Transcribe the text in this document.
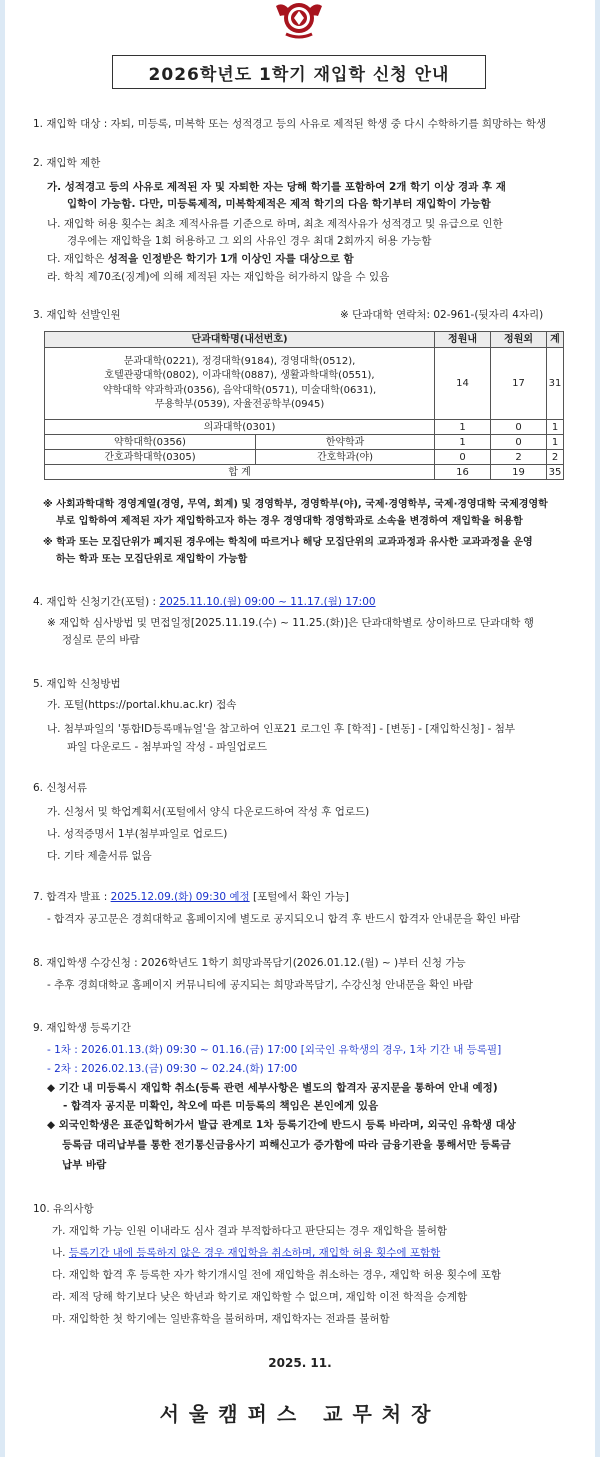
2026학년도 1학기 재입학 신청 안내
1. 재입학 대상 : 자퇴, 미등록, 미복학 또는 성적경고 등의 사유로 제적된 학생 중 다시 수학하기를 희망하는 학생
2. 재입학 제한
가. 성적경고 등의 사유로 제적된 자 및 자퇴한 자는 당해 학기를 포함하여 2개 학기 이상 경과 후 재
입학이 가능함. 다만, 미등록제적, 미복학제적은 제적 학기의 다음 학기부터 재입학이 가능함
나. 재입학 허용 횟수는 최초 제적사유를 기준으로 하며, 최초 제적사유가 성적경고 및 유급으로 인한
경우에는 재입학을 1회 허용하고 그 외의 사유인 경우 최대 2회까지 허용 가능함
다. 재입학은 성적을 인정받은 학기가 1개 이상인 자를 대상으로 함
라. 학칙 제70조(징계)에 의해 제적된 자는 재입학을 허가하지 않을 수 있음
3. 재입학 선발인원	※ 단과대학 연락처: 02-961-(뒷자리 4자리)
단과대학명(내선번호)		정원내	정원외	계

문과대학(0221), 정경대학(9184), 경영대학(0512),
호텔관광대학(0802), 이과대학(0887), 생활과학대학(0551),
약학대학 약과학과(0356), 음악대학(0571), 미술대학(0631),
무용학부(0539), 자율전공학부(0945)		14	17	31
의과대학(0301)		1	0	1
약학대학(0356)	한약학과	1	0	1
간호과학대학(0305)	간호학과(야)	0	2	2
합 계		16	19	35
※ 사회과학대학 경영계열(경영, 무역, 회계) 및 경영학부, 경영학부(야), 국제·경영학부, 국제·경영대학 국제경영학
부로 입학하여 제적된 자가 재입학하고자 하는 경우 경영대학 경영학과로 소속을 변경하여 재입학을 허용함
※ 학과 또는 모집단위가 폐지된 경우에는 학칙에 따르거나 해당 모집단위의 교과과정과 유사한 교과과정을 운영
하는 학과 또는 모집단위로 재입학이 가능함
4. 재입학 신청기간(포털) : 2025.11.10.(월) 09:00 ~ 11.17.(월) 17:00
※ 재입학 심사방법 및 면접일정[2025.11.19.(수) ~ 11.25.(화)]은 단과대학별로 상이하므로 단과대학 행
정실로 문의 바람
5. 재입학 신청방법
가. 포털(https://portal.khu.ac.kr) 접속
나. 첨부파일의 '통합ID등록매뉴얼'을 참고하여 인포21 로그인 후 [학적] - [변동] - [재입학신청] - 첨부
파일 다운로드 - 첨부파일 작성 - 파일업로드
6. 신청서류
가. 신청서 및 학업계획서(포털에서 양식 다운로드하여 작성 후 업로드)
나. 성적증명서 1부(첨부파일로 업로드)
다. 기타 제출서류 없음
7. 합격자 발표 : 2025.12.09.(화) 09:30 예정 [포털에서 확인 가능]
- 합격자 공고문은 경희대학교 홈페이지에 별도로 공지되오니 합격 후 반드시 합격자 안내문을 확인 바람
8. 재입학생 수강신청 : 2026학년도 1학기 희망과목담기(2026.01.12.(월) ~ )부터 신청 가능
- 추후 경희대학교 홈페이지 커뮤니티에 공지되는 희망과목담기, 수강신청 안내문을 확인 바람
9. 재입학생 등록기간
- 1차 : 2026.01.13.(화) 09:30 ~ 01.16.(금) 17:00 [외국인 유학생의 경우, 1차 기간 내 등록필]
- 2차 : 2026.02.13.(금) 09:30 ~ 02.24.(화) 17:00
◆ 기간 내 미등록시 재입학 취소(등록 관련 세부사항은 별도의 합격자 공지문을 통하여 안내 예정)
- 합격자 공지문 미확인, 착오에 따른 미등록의 책임은 본인에게 있음
◆ 외국인학생은 표준입학허가서 발급 관계로 1차 등록기간에 반드시 등록 바라며, 외국인 유학생 대상
등록금 대리납부를 통한 전기통신금융사기 피해신고가 증가함에 따라 금융기관을 통해서만 등록금
납부 바람
10. 유의사항
가. 재입학 가능 인원 이내라도 심사 결과 부적합하다고 판단되는 경우 재입학을 불허함
나. 등록기간 내에 등록하지 않은 경우 재입학을 취소하며, 재입학 허용 횟수에 포함함
다. 재입학 합격 후 등록한 자가 학기개시일 전에 재입학을 취소하는 경우, 재입학 허용 횟수에 포함
라. 제적 당해 학기보다 낮은 학년과 학기로 재입학할 수 없으며, 재입학 이전 학적을 승계함
마. 재입학한 첫 학기에는 일반휴학을 불허하며, 재입학자는 전과를 불허함
2025. 11.
서울캠퍼스 교무처장
